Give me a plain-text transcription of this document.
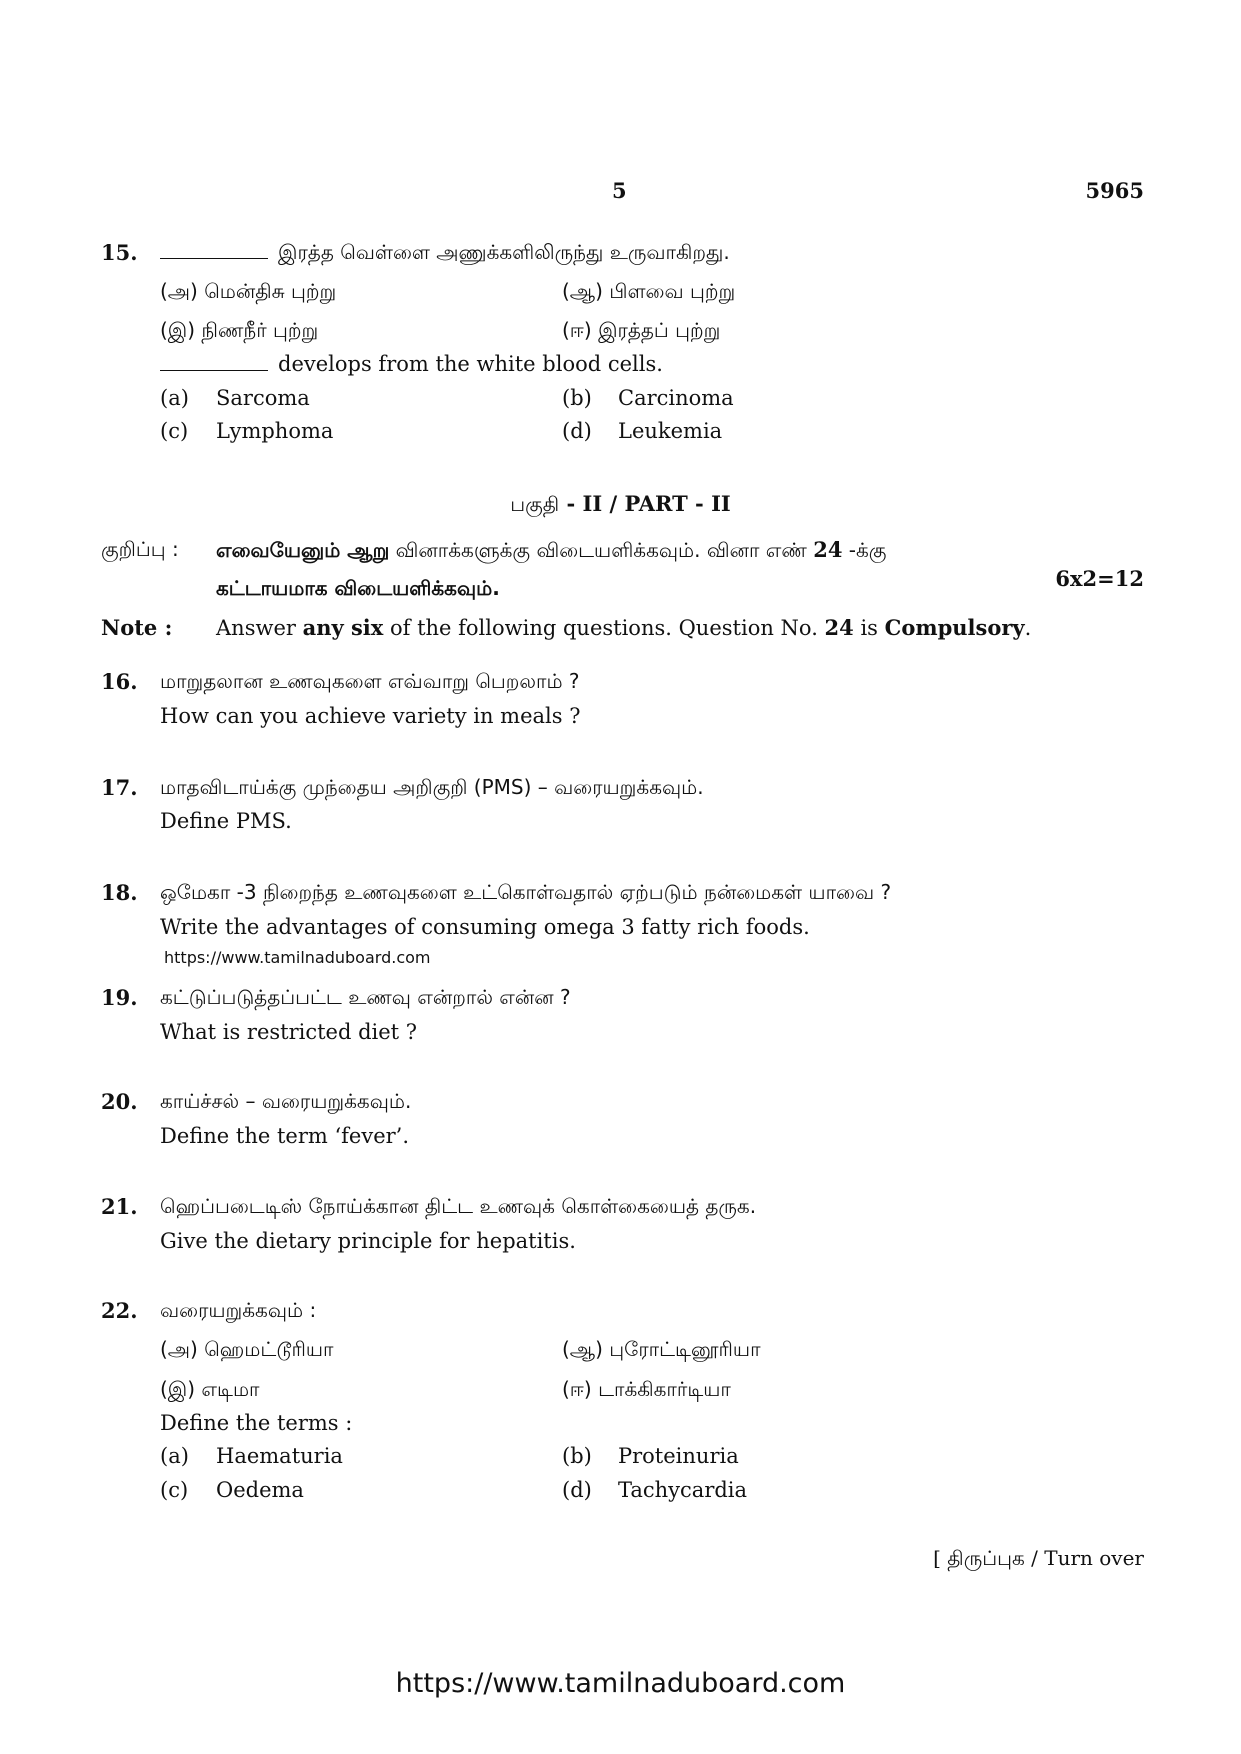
5	5965
15.	இரத்த வெள்ளை அணுக்களிலிருந்து உருவாகிறது.
(அ) மென்திசு புற்று	(ஆ) பிளவை புற்று
(இ) நிணநீர் புற்று	(ஈ) இரத்தப் புற்று
develops from the white blood cells.
(a) Sarcoma	(b) Carcinoma
(c) Lymphoma	(d) Leukemia
பகுதி - II / PART - II
குறிப்பு : எவையேனும் ஆறு வினாக்களுக்கு விடையளிக்கவும். வினா எண் 24 -க்கு
கட்டாயமாக விடையளிக்கவும்.	6x2=12
Note : Answer any six of the following questions. Question No. 24 is Compulsory.
16. மாறுதலான உணவுகளை எவ்வாறு பெறலாம் ?
How can you achieve variety in meals ?
17. மாதவிடாய்க்கு முந்தைய அறிகுறி (PMS) – வரையறுக்கவும்.
Define PMS.
18. ஒமேகா -3 நிறைந்த உணவுகளை உட்கொள்வதால் ஏற்படும் நன்மைகள் யாவை ?
Write the advantages of consuming omega 3 fatty rich foods.
https://www.tamilnaduboard.com
19. கட்டுப்படுத்தப்பட்ட உணவு என்றால் என்ன ?
What is restricted diet ?
20. காய்ச்சல் – வரையறுக்கவும்.
Define the term ‘fever’.
21. ஹெப்படைடிஸ் நோய்க்கான திட்ட உணவுக் கொள்கையைத் தருக.
Give the dietary principle for hepatitis.
22. வரையறுக்கவும் :
(அ) ஹெமட்டூரியா	(ஆ) புரோட்டினூரியா
(இ) எடிமா	(ஈ) டாக்கிகார்டியா
Define the terms :
(a) Haematuria	(b) Proteinuria
(c) Oedema	(d) Tachycardia
[ திருப்புக / Turn over
https://www.tamilnaduboard.com
